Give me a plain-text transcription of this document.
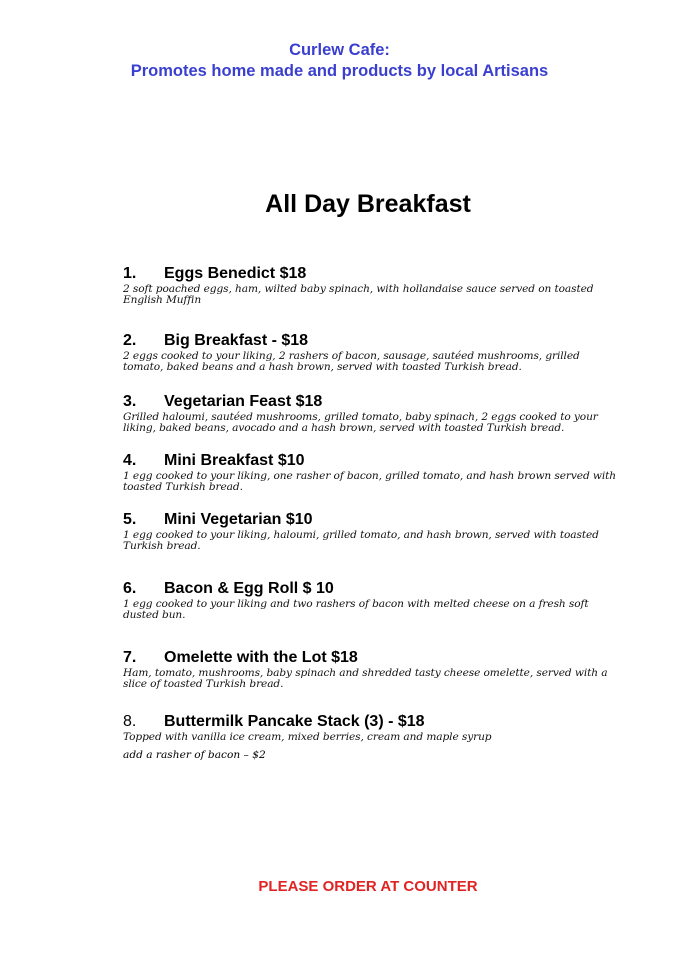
Curlew Cafe:
Promotes home made and products by local Artisans
All Day Breakfast
1. Eggs Benedict $18
2 soft poached eggs, ham, wilted baby spinach, with hollandaise sauce served on toasted English Muffin
2. Big Breakfast - $18
2 eggs cooked to your liking, 2 rashers of bacon, sausage, sautéed mushrooms, grilled tomato, baked beans and a hash brown, served with toasted Turkish bread.
3. Vegetarian Feast $18
Grilled haloumi, sautéed mushrooms, grilled tomato, baby spinach, 2 eggs cooked to your liking, baked beans, avocado and a hash brown, served with toasted Turkish bread.
4. Mini Breakfast $10
1 egg cooked to your liking, one rasher of bacon, grilled tomato, and hash brown served with toasted Turkish bread.
5. Mini Vegetarian $10
1 egg cooked to your liking, haloumi, grilled tomato, and hash brown, served with toasted Turkish bread.
6. Bacon & Egg Roll $ 10
1 egg cooked to your liking and two rashers of bacon with melted cheese on a fresh soft dusted bun.
7. Omelette with the Lot $18
Ham, tomato, mushrooms, baby spinach and shredded tasty cheese omelette, served with a slice of toasted Turkish bread.
8. Buttermilk Pancake Stack (3) - $18
Topped with vanilla ice cream, mixed berries, cream and maple syrup
add a rasher of bacon – $2
PLEASE ORDER AT COUNTER
